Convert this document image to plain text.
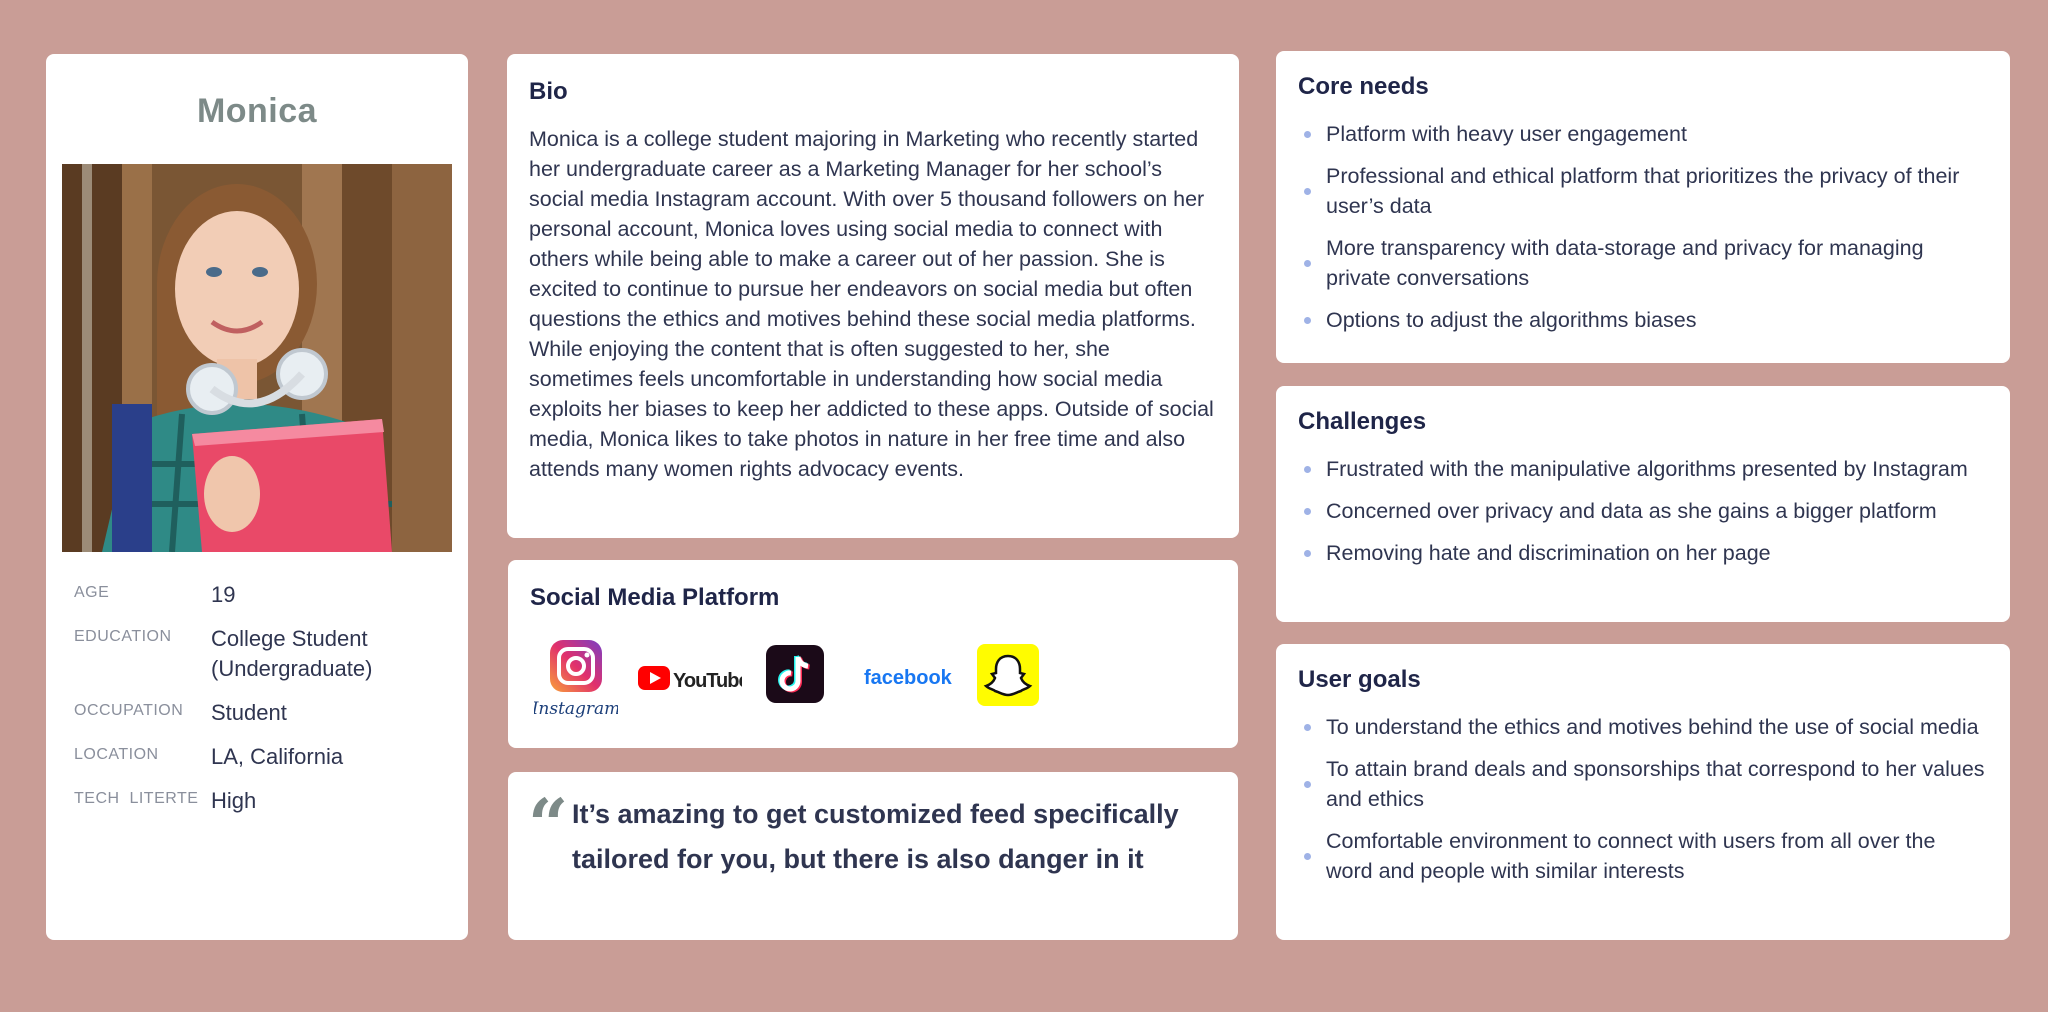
Monica
AGE	19
EDUCATION	College Student (Undergraduate)
OCCUPATION	Student
LOCATION	LA, California
TECH  LITERTE High
Bio
Monica is a college student majoring in Marketing who recently started her undergraduate career as a Marketing Manager for her school’s social media Instagram account. With over 5 thousand followers on her personal account, Monica loves using social media to connect with others while being able to make a career out of her passion. She is excited to continue to pursue her endeavors on social media but often questions the ethics and motives behind these social media platforms. While enjoying the content that is often suggested to her, she sometimes feels uncomfortable in understanding how social media exploits her biases to keep her addicted to these apps. Outside of social media, Monica likes to take photos in nature in her free time and also attends many women rights advocacy events.
Social Media Platform
Instagram
YouTube	facebook
“ It’s amazing to get customized feed specifically tailored for you, but there is also danger in it
Core needs
Platform with heavy user engagement
Professional and ethical platform that prioritizes the privacy of their user’s data
More transparency with data-storage and privacy for managing private conversations
Options to adjust the algorithms biases
Challenges
Frustrated with the manipulative algorithms presented by Instagram
Concerned over privacy and data as she gains a bigger platform
Removing hate and discrimination on her page
User goals
To understand the ethics and motives behind the use of social media
To attain brand deals and sponsorships that correspond to her values and ethics
Comfortable environment to connect with users from all over the word and people with similar interests
